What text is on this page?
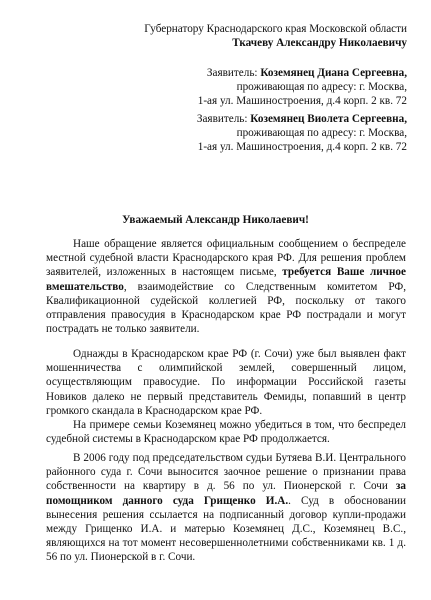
Губернатору Краснодарского края Московской области
Ткачеву Александру Николаевичу
Заявитель: Коземянец Диана Сергеевна,
проживающая по адресу: г. Москва,
1-ая ул. Машиностроения, д.4 корп. 2 кв. 72
Заявитель: Коземянец Виолета Сергеевна,
проживающая по адресу: г. Москва,
1-ая ул. Машиностроения, д.4 корп. 2 кв. 72
Уважаемый Александр Николаевич!

Наше обращение является официальным сообщением о беспределе местной судебной власти Краснодарского края РФ. Для решения проблем заявителей, изложенных в настоящем письме, требуется Ваше личное вмешательство, взаимодействие со Следственным комитетом РФ, Квалификационной судейской коллегией РФ, поскольку от такого отправления правосудия в Краснодарском крае РФ пострадали и могут пострадать не только заявители.

Однажды в Краснодарском крае РФ (г. Сочи) уже был выявлен факт мошенничества с олимпийской землей, совершенный лицом, осуществляющим правосудие. По информации Российской газеты Новиков далеко не первый представитель Фемиды, попавший в центр громкого скандала в Краснодарском крае РФ.

На примере семьи Коземянец можно убедиться в том, что беспредел судебной системы в Краснодарском крае РФ продолжается.

В 2006 году под председательством судьи Бутяева В.И. Центрального районного суда г. Сочи выносится заочное решение о признании права собственности на квартиру в д. 56 по ул. Пионерской г. Сочи за помощником данного суда Грищенко И.А.. Суд в обосновании вынесения решения ссылается на подписанный договор купли-продажи между Грищенко И.А. и матерью Коземянец Д.С., Коземянец В.С., являющихся на тот момент несовершеннолетними собственниками кв. 1 д. 56 по ул. Пионерской в г. Сочи.
